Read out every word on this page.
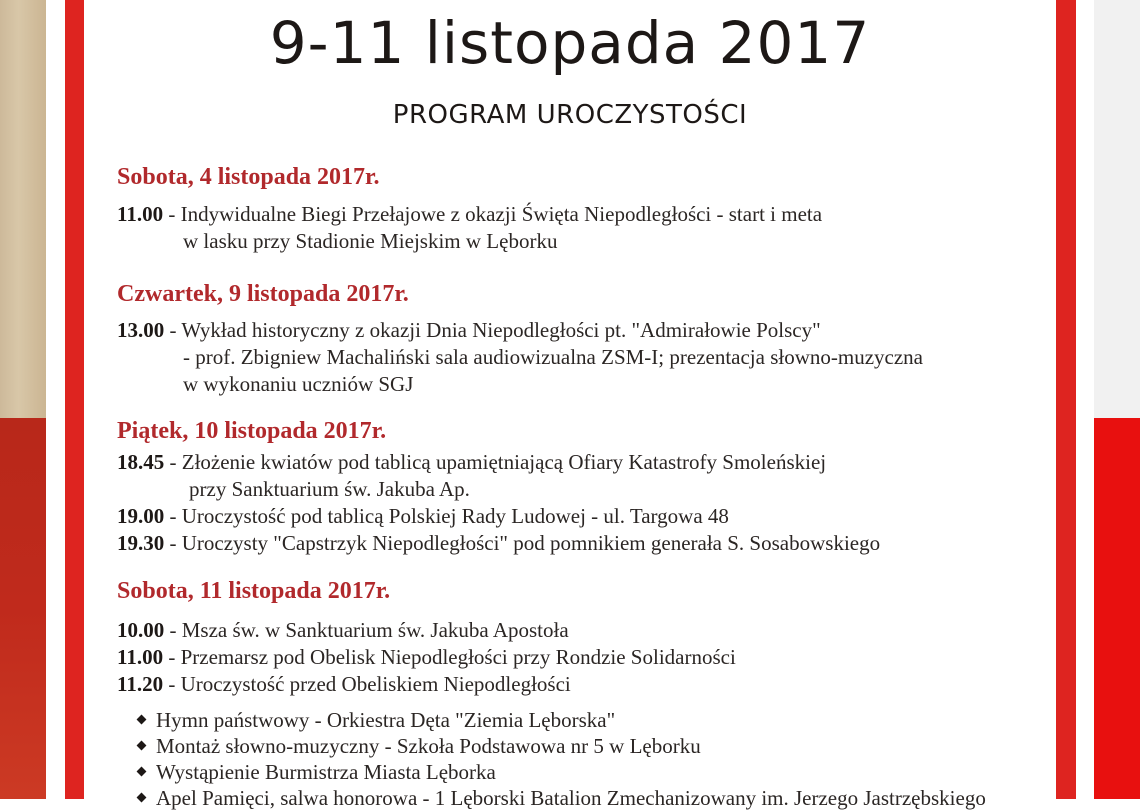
9-11 listopada 2017
PROGRAM UROCZYSTOŚCI
Sobota, 4 listopada 2017r.
11.00 - Indywidualne Biegi Przełajowe z okazji Święta Niepodległości - start i meta
w lasku przy Stadionie Miejskim w Lęborku
Czwartek, 9 listopada 2017r.
13.00 - Wykład historyczny z okazji Dnia Niepodległości pt. "Admirałowie Polscy"
- prof. Zbigniew Machaliński sala audiowizualna ZSM-I; prezentacja słowno-muzyczna
w wykonaniu uczniów SGJ
Piątek, 10 listopada 2017r.
18.45 - Złożenie kwiatów pod tablicą upamiętniającą Ofiary Katastrofy Smoleńskiej
przy Sanktuarium św. Jakuba Ap.
19.00 - Uroczystość pod tablicą Polskiej Rady Ludowej - ul. Targowa 48
19.30 - Uroczysty "Capstrzyk Niepodległości" pod pomnikiem generała S. Sosabowskiego
Sobota, 11 listopada 2017r.
10.00 - Msza św. w Sanktuarium św. Jakuba Apostoła
11.00 - Przemarsz pod Obelisk Niepodległości przy Rondzie Solidarności
11.20 - Uroczystość przed Obeliskiem Niepodległości
Hymn państwowy - Orkiestra Dęta "Ziemia Lęborska"
Montaż słowno-muzyczny - Szkoła Podstawowa nr 5 w Lęborku
Wystąpienie Burmistrza Miasta Lęborka
Apel Pamięci, salwa honorowa - 1 Lęborski Batalion Zmechanizowany im. Jerzego Jastrzębskiego
